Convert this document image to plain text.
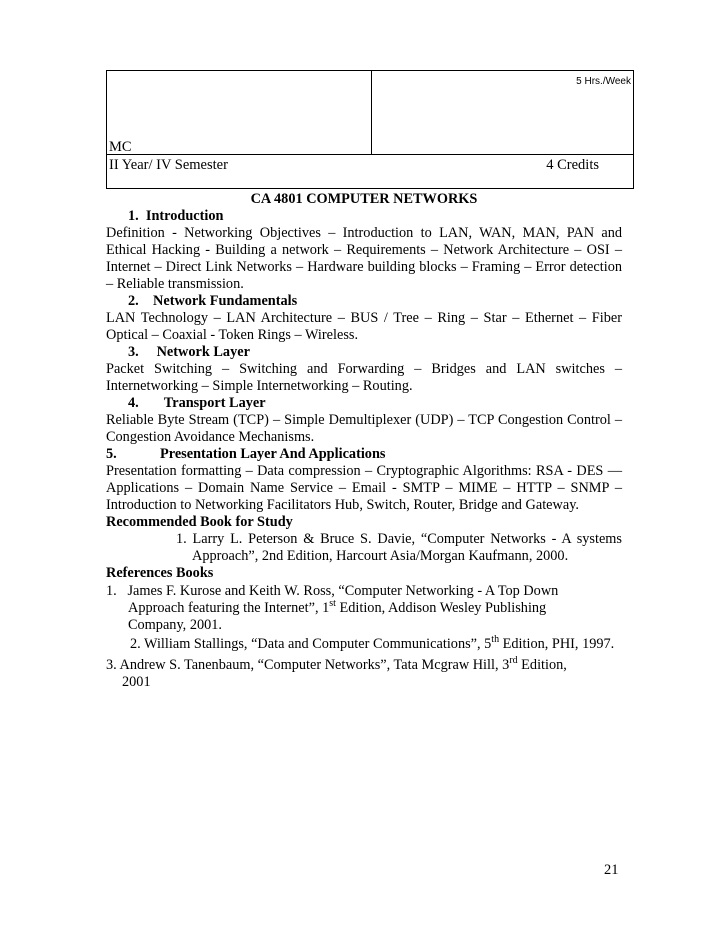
MC
	5 Hrs./Week
II Year/ IV Semester	4 Credits
CA 4801 COMPUTER NETWORKS
1. Introduction
Definition - Networking Objectives – Introduction to LAN, WAN, MAN, PAN and Ethical Hacking - Building a network – Requirements – Network Architecture – OSI – Internet – Direct Link Networks – Hardware building blocks – Framing – Error detection – Reliable transmission.
2. Network Fundamentals
LAN Technology – LAN Architecture – BUS / Tree – Ring – Star – Ethernet – Fiber Optical – Coaxial - Token Rings – Wireless.
3. Network Layer
Packet Switching – Switching and Forwarding – Bridges and LAN switches – Internetworking – Simple Internetworking – Routing.
4. Transport Layer
Reliable Byte Stream (TCP) – Simple Demultiplexer (UDP) – TCP Congestion Control – Congestion Avoidance Mechanisms.
5.	Presentation Layer And Applications
Presentation formatting – Data compression – Cryptographic Algorithms: RSA - DES — Applications – Domain Name Service – Email - SMTP – MIME – HTTP – SNMP – Introduction to Networking Facilitators Hub, Switch, Router, Bridge and Gateway.
Recommended Book for Study
1. Larry L. Peterson & Bruce S. Davie, “Computer Networks - A systems Approach”, 2nd Edition, Harcourt Asia/Morgan Kaufmann, 2000.
References Books
1. James F. Kurose and Keith W. Ross, “Computer Networking - A Top Down
Approach featuring the Internet”, 1st Edition, Addison Wesley Publishing
Company, 2001.
2. William Stallings, “Data and Computer Communications”, 5th Edition, PHI, 1997.
3. Andrew S. Tanenbaum, “Computer Networks”, Tata Mcgraw Hill, 3rd Edition,
2001
21
